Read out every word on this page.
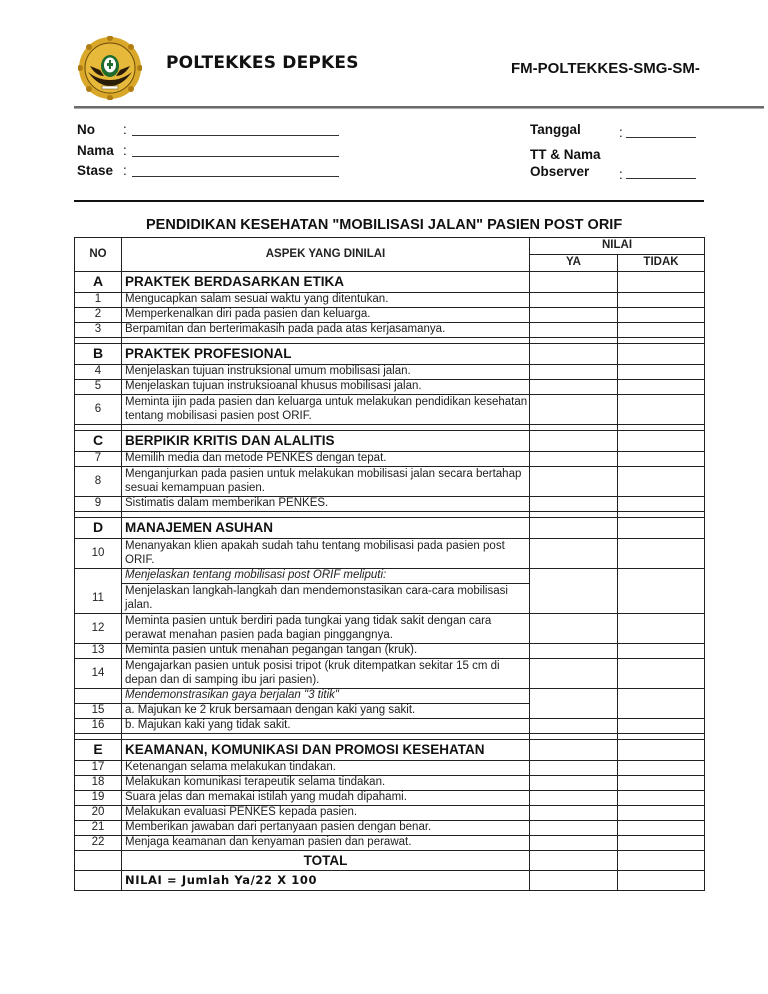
POLTEKKES DEPKES	FM-POLTEKKES-SMG-SM-
No :
Nama :
Stase :
Tanggal	:
TT & Nama
Observer	:
PENDIDIKAN KESEHATAN "MOBILISASI JALAN" PASIEN POST ORIF
NO	ASPEK YANG DINILAI	NILAI	
		YA	TIDAK
A	PRAKTEK BERDASARKAN ETIKA		
1	Mengucapkan salam sesuai waktu yang ditentukan.		
2	Memperkenalkan diri pada pasien dan keluarga.		
3	Berpamitan dan berterimakasih pada pada atas kerjasamanya.		

B	PRAKTEK PROFESIONAL		
4	Menjelaskan tujuan instruksional umum mobilisasi jalan.		
5	Menjelaskan tujuan instruksioanal khusus mobilisasi jalan.		
6	Meminta ijin pada pasien dan keluarga untuk melakukan pendidikan kesehatan tentang mobilisasi pasien post ORIF.		

C	BERPIKIR KRITIS DAN ALALITIS		
7	Memilih media dan metode PENKES dengan tepat.		
8	Menganjurkan pada pasien untuk melakukan mobilisasi jalan secara bertahap sesuai kemampuan pasien.		
9	Sistimatis dalam memberikan PENKES.		

D	MANAJEMEN ASUHAN		
10	Menanyakan klien apakah sudah tahu tentang mobilisasi pada pasien post ORIF.		
	Menjelaskan tentang mobilisasi post ORIF meliputi:		
11	Menjelaskan langkah-langkah dan mendemonstasikan cara-cara mobilisasi jalan.		
12	Meminta pasien untuk berdiri pada tungkai yang tidak sakit dengan cara perawat menahan pasien pada bagian pinggangnya.		
13	Meminta pasien untuk menahan pegangan tangan (kruk).		
14	Mengajarkan pasien untuk posisi tripot (kruk ditempatkan sekitar 15 cm di depan dan di samping ibu jari pasien).		
	Mendemonstrasikan gaya berjalan "3 titik"		
15	a. Majukan ke 2 kruk bersamaan dengan kaki yang sakit.		
16	b. Majukan kaki yang tidak sakit.		

E	KEAMANAN, KOMUNIKASI DAN PROMOSI KESEHATAN		
17	Ketenangan selama melakukan tindakan.		
18	Melakukan komunikasi terapeutik selama tindakan.		
19	Suara jelas dan memakai istilah yang mudah dipahami.		
20	Melakukan evaluasi PENKES kepada pasien.		
21	Memberikan jawaban dari pertanyaan pasien dengan benar.		
22	Menjaga keamanan dan kenyaman pasien dan perawat.		
	TOTAL		
	NILAI = Jumlah Ya/22 X 100		
